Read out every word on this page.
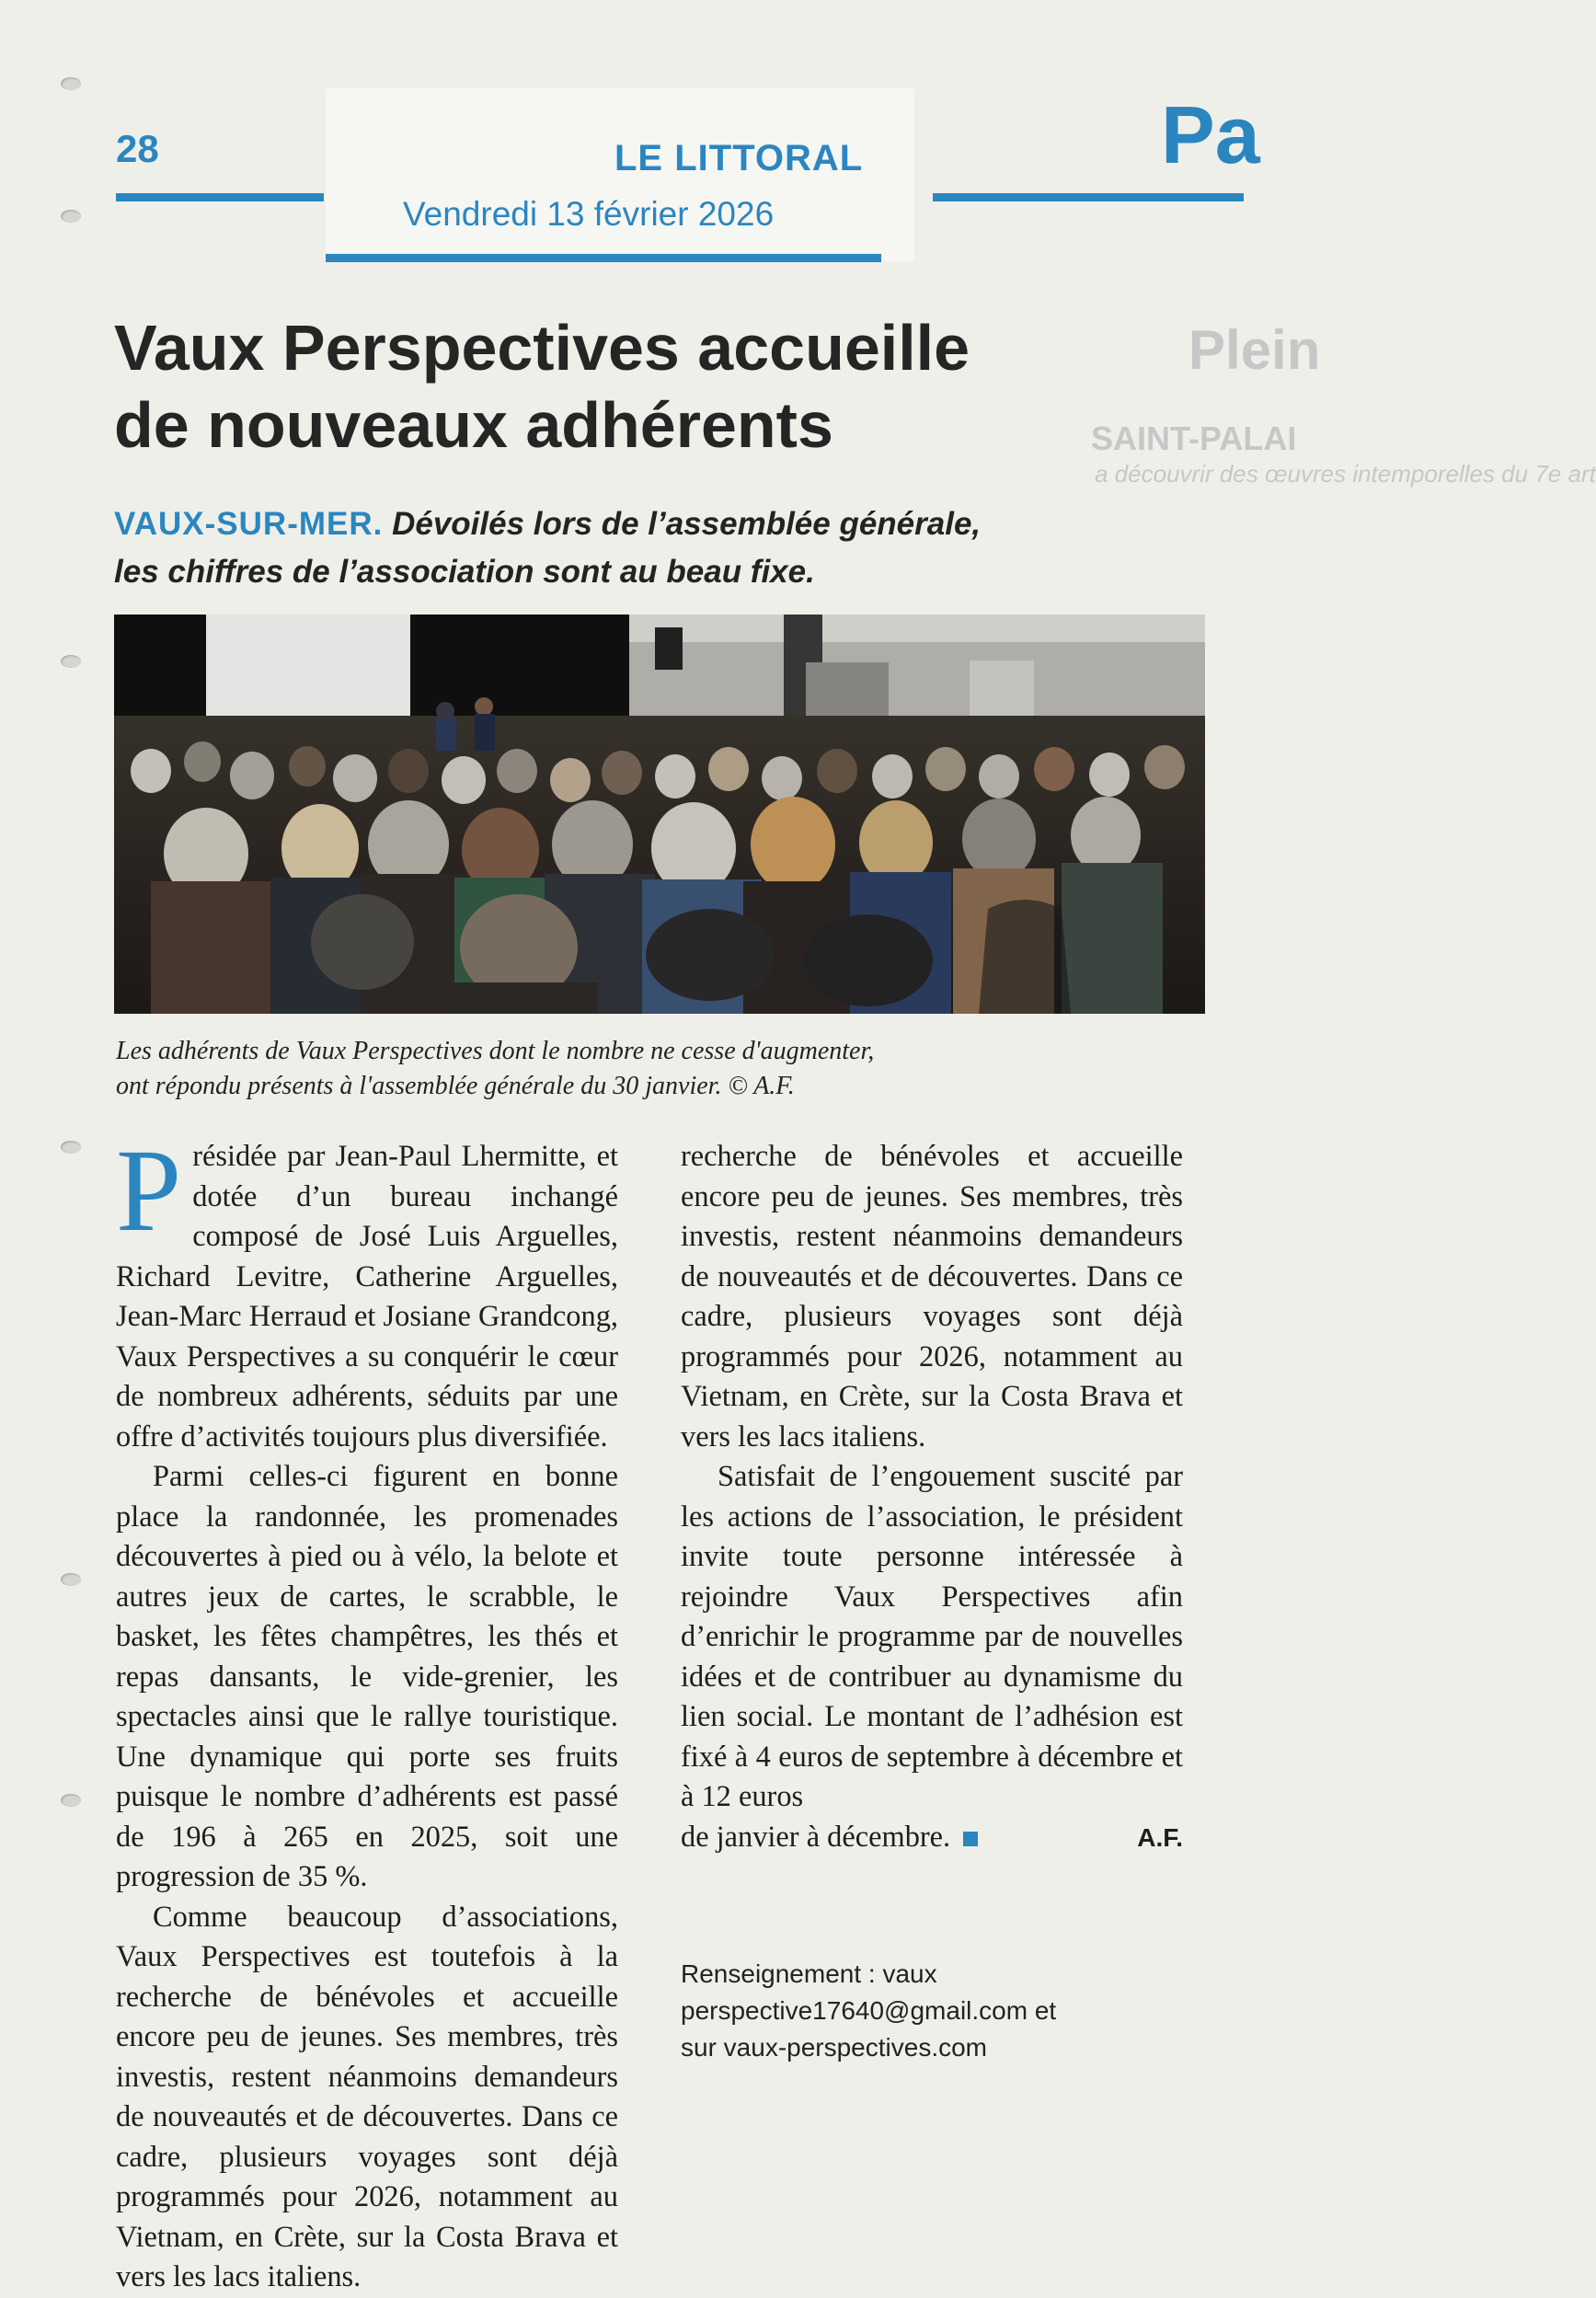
Plein
SAINT-PALAI
a découvrir des œuvres intemporelles du 7e art
28	LE LITTORAL
Vendredi 13 février 2026
Pa
Vaux Perspectives accueille
de nouveaux adhérents
VAUX-SUR-MER. Dévoilés lors de l’assemblée générale,
les chiffres de l’association sont au beau fixe.
Les adhérents de Vaux Perspectives dont le nombre ne cesse d'augmenter,
ont répondu présents à l'assemblée générale du 30 janvier. © A.F.

Présidée par Jean-Paul Lhermitte, et dotée d’un bureau inchangé composé de José Luis Arguelles, Richard Levitre, Catherine Arguelles, Jean-Marc Herraud et Josiane Grandcong, Vaux Perspectives a su conquérir le cœur de nombreux adhérents, séduits par une offre d’activités toujours plus diversifiée.

Parmi celles-ci figurent en bonne place la randonnée, les promenades découvertes à pied ou à vélo, la belote et autres jeux de cartes, le scrabble, le basket, les fêtes champêtres, les thés et repas dansants, le vide-grenier, les spectacles ainsi que le rallye touristique. Une dynamique qui porte ses fruits puisque le nombre d’adhérents est passé de 196 à 265 en 2025, soit une progression de 35 %.

Comme beaucoup d’associations, Vaux Perspectives est toutefois à la recherche de bénévoles et accueille encore peu de jeunes. Ses membres, très investis, restent néanmoins demandeurs de nouveautés et de découvertes. Dans ce cadre, plusieurs voyages sont déjà programmés pour 2026, notamment au Vietnam, en Crète, sur la Costa Brava et vers les lacs italiens.

recherche de bénévoles et accueille encore peu de jeunes. Ses membres, très investis, restent néanmoins demandeurs de nouveautés et de découvertes. Dans ce cadre, plusieurs voyages sont déjà programmés pour 2026, notamment au Vietnam, en Crète, sur la Costa Brava et vers les lacs italiens.

Satisfait de l’engouement suscité par les actions de l’association, le président invite toute personne intéressée à rejoindre Vaux Perspectives afin d’enrichir le programme par de nouvelles idées et de contribuer au dynamisme du lien social. Le montant de l’adhésion est fixé à 4 euros de septembre à décembre et à 12 euros

de janvier à décembre.	A.F.
Renseignement : vaux
perspective17640@gmail.com et
sur vaux-perspectives.com
